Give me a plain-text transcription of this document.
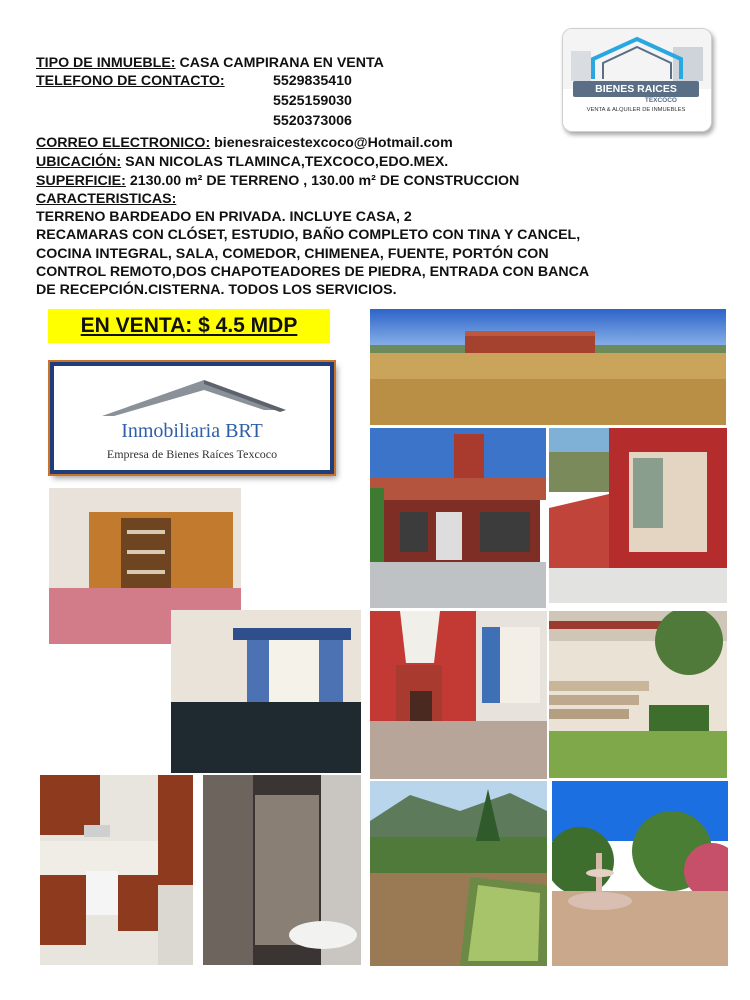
TIPO DE INMUEBLE: CASA CAMPIRANA EN VENTA
TELEFONO DE CONTACTO:	5529835410
5525159030
5520373006
CORREO ELECTRONICO: bienesraicestexcoco@Hotmail.com
UBICACIÓN: SAN NICOLAS TLAMINCA,TEXCOCO,EDO.MEX.
SUPERFICIE: 2130.00 m² DE TERRENO , 130.00 m² DE CONSTRUCCION
CARACTERISTICAS:
TERRENO BARDEADO EN PRIVADA. INCLUYE CASA, 2
RECAMARAS CON CLÓSET, ESTUDIO, BAÑO COMPLETO CON TINA Y CANCEL,
COCINA INTEGRAL, SALA, COMEDOR, CHIMENEA, FUENTE, PORTÓN CON
CONTROL REMOTO,DOS CHAPOTEADORES DE PIEDRA, ENTRADA CON BANCA
DE RECEPCIÓN.CISTERNA. TODOS LOS SERVICIOS.
BIENES RAICES
TEXCOCO
VENTA & ALQUILER DE INMUEBLES
EN VENTA: $ 4.5 MDP
Inmobiliaria BRT
Empresa de Bienes Raíces Texcoco
